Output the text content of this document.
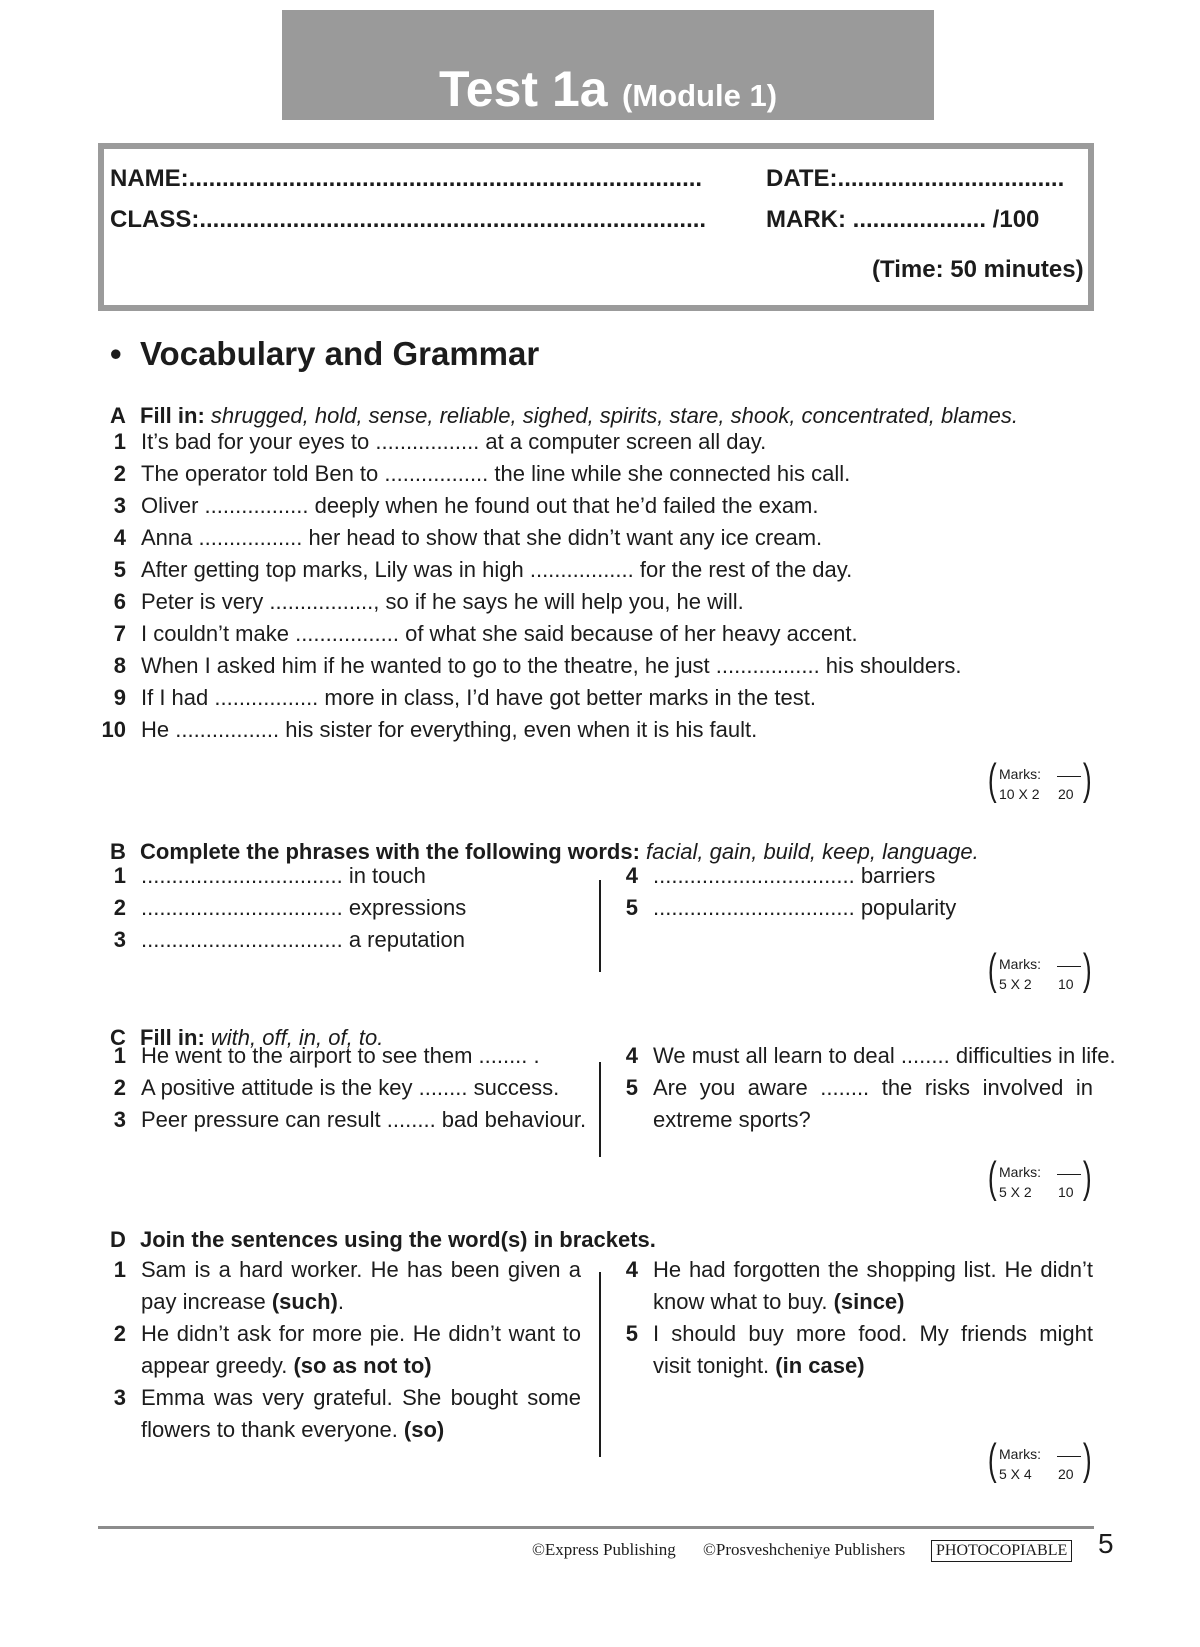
Test 1a (Module 1)
NAME:.............................................................................	DATE:..................................
CLASS:............................................................................ MARK: .................... /100
(Time: 50 minutes)
• Vocabulary and Grammar
A Fill in: shrugged, hold, sense, reliable, sighed, spirits, stare, shook, concentrated, blames.
1 It’s bad for your eyes to ................. at a computer screen all day.
2 The operator told Ben to ................. the line while she connected his call.
3 Oliver ................. deeply when he found out that he’d failed the exam.
4 Anna ................. her head to show that she didn’t want any ice cream.
5 After getting top marks, Lily was in high ................. for the rest of the day.
6 Peter is very ................., so if he says he will help you, he will.
7 I couldn’t make ................. of what she said because of her heavy accent.
8 When I asked him if he wanted to go to the theatre, he just ................. his shoulders.
9 If I had ................. more in class, I’d have got better marks in the test.
10 He ................. his sister for everything, even when it is his fault.
( Marks:
10 X 2 20 )
B Complete the phrases with the following words: facial, gain, build, keep, language.
1 ................................. in touch
2 ................................. expressions
3 ................................. a reputation
4 ................................. barriers
5 ................................. popularity
( Marks:
5 X 2 10 )
C Fill in: with, off, in, of, to.
1 He went to the airport to see them ........ .
2 A positive attitude is the key ........ success.
3 Peer pressure can result ........ bad behaviour.
4 We must all learn to deal ........ difficulties in life.
5 Are you aware ........ the risks involved in
extreme sports?
( Marks:
5 X 2 10 )
D Join the sentences using the word(s) in brackets.
1 Sam is a hard worker. He has been given a
pay increase (such).
2 He didn’t ask for more pie. He didn’t want to
appear greedy. (so as not to)
3 Emma was very grateful. She bought some
flowers to thank everyone. (so)
4 He had forgotten the shopping list. He didn’t
know what to buy. (since)
5 I should buy more food. My friends might
visit tonight. (in case)
( Marks:
5 X 4 20 )
©Express Publishing ©Prosveshcheniye Publishers	PHOTOCOPIABLE 5
